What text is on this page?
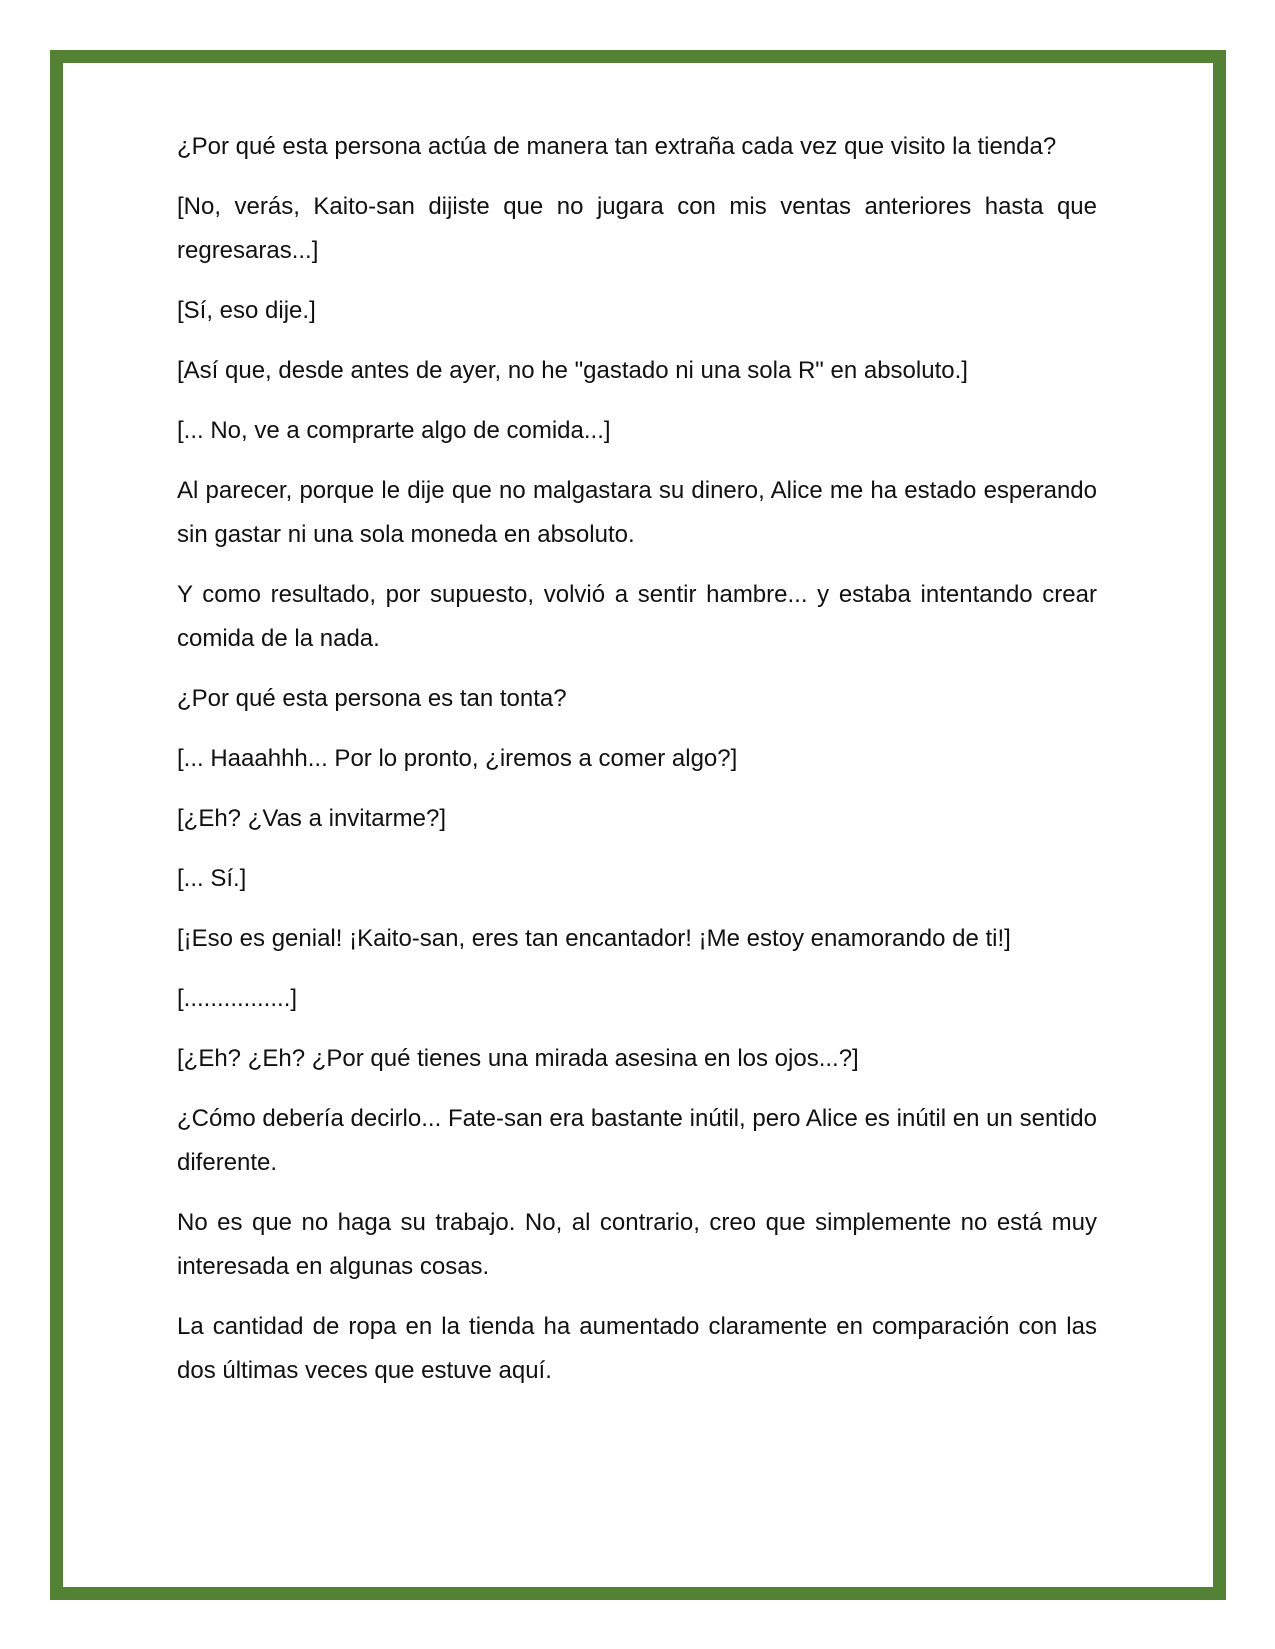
¿Por qué esta persona actúa de manera tan extraña cada vez que visito la tienda?

[No, verás, Kaito-san dijiste que no jugara con mis ventas anteriores hasta que regresaras...]

[Sí, eso dije.]

[Así que, desde antes de ayer, no he "gastado ni una sola R" en absoluto.]

[... No, ve a comprarte algo de comida...]

Al parecer, porque le dije que no malgastara su dinero, Alice me ha estado esperando sin gastar ni una sola moneda en absoluto.

Y como resultado, por supuesto, volvió a sentir hambre... y estaba intentando crear comida de la nada.

¿Por qué esta persona es tan tonta?

[... Haaahhh... Por lo pronto, ¿iremos a comer algo?]

[¿Eh? ¿Vas a invitarme?]

[... Sí.]

[¡Eso es genial! ¡Kaito-san, eres tan encantador! ¡Me estoy enamorando de ti!]

[................]

[¿Eh? ¿Eh? ¿Por qué tienes una mirada asesina en los ojos...?]

¿Cómo debería decirlo... Fate-san era bastante inútil, pero Alice es inútil en un sentido diferente.

No es que no haga su trabajo. No, al contrario, creo que simplemente no está muy interesada en algunas cosas.

La cantidad de ropa en la tienda ha aumentado claramente en comparación con las dos últimas veces que estuve aquí.
